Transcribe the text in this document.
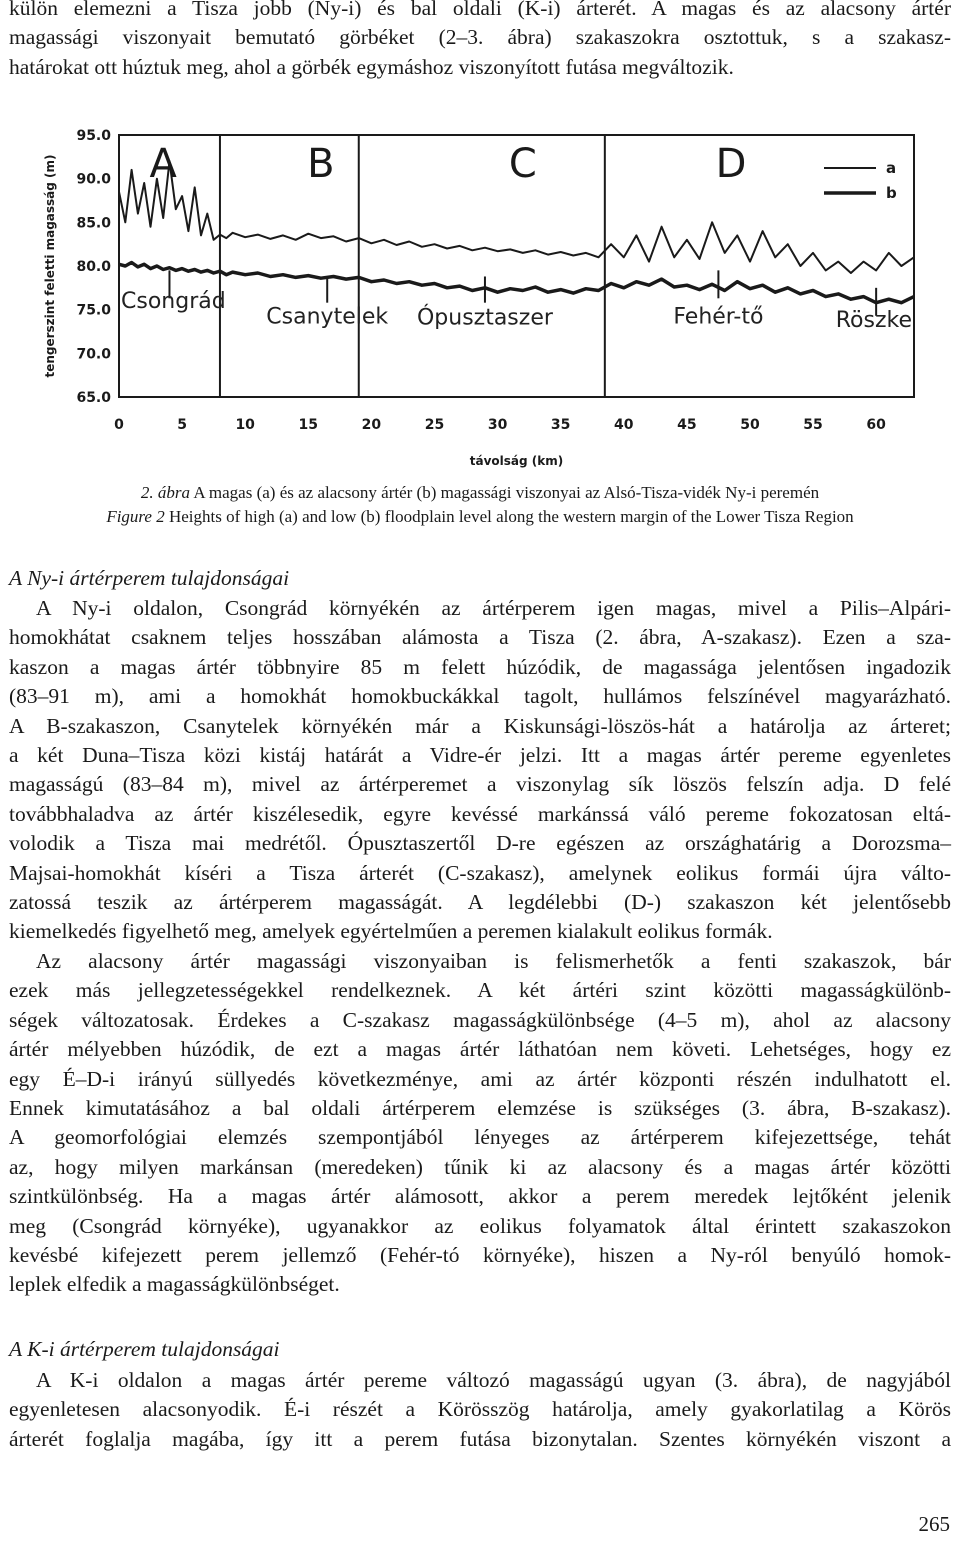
külön elemezni a Tisza jobb (Ny-i) és bal oldali (K-i) árterét. A magas és az alacsony ártér
magassági viszonyait bemutató görbéket (2–3. ábra) szakaszokra osztottuk, s a szakasz-
határokat ott húztuk meg, ahol a görbék egymáshoz viszonyított futása megváltozik.
A	B	C	D
95.0
90.0
85.0
80.0
75.0
70.0
65.0
0	5	10	15	20	25	30	35	40	45	50	55	60
távolság (km)
tengerszint feletti magasság (m)	Csongrád
Csanytelek Ópusztaszer	Fehér-tő	Röszke
a
b
2. ábra A magas (a) és az alacsony ártér (b) magassági viszonyai az Alsó-Tisza-vidék Ny-i peremén
Figure 2 Heights of high (a) and low (b) floodplain level along the western margin of the Lower Tisza Region
A Ny-i ártérperem tulajdonságai
A Ny-i oldalon, Csongrád környékén az ártérperem igen magas, mivel a Pilis–Alpári-
homokhátat csaknem teljes hosszában alámosta a Tisza (2. ábra, A-szakasz). Ezen a sza-
kaszon a magas ártér többnyire 85 m felett húzódik, de magassága jelentősen ingadozik
(83–91 m), ami a homokhát homokbuckákkal tagolt, hullámos felszínével magyarázható.
A B-szakaszon, Csanytelek környékén már a Kiskunsági-löszös-hát a határolja az árteret;
a két Duna–Tisza közi kistáj határát a Vidre-ér jelzi. Itt a magas ártér pereme egyenletes
magasságú (83–84 m), mivel az ártérperemet a viszonylag sík löszös felszín adja. D felé
továbbhaladva az ártér kiszélesedik, egyre kevéssé markánssá váló pereme fokozatosan eltá-
volodik a Tisza mai medrétől. Ópusztaszertől D-re egészen az országhatárig a Dorozsma–
Majsai-homokhát kíséri a Tisza árterét (C-szakasz), amelynek eolikus formái újra válto-
zatossá teszik az ártérperem magasságát. A legdélebbi (D-) szakaszon két jelentősebb
kiemelkedés figyelhető meg, amelyek egyértelműen a peremen kialakult eolikus formák.
Az alacsony ártér magassági viszonyaiban is felismerhetők a fenti szakaszok, bár
ezek más jellegzetességekkel rendelkeznek. A két ártéri szint közötti magasságkülönb-
ségek változatosak. Érdekes a C-szakasz magasságkülönbsége (4–5 m), ahol az alacsony
ártér mélyebben húzódik, de ezt a magas ártér láthatóan nem követi. Lehetséges, hogy ez
egy É–D-i irányú süllyedés következménye, ami az ártér központi részén indulhatott el.
Ennek kimutatásához a bal oldali ártérperem elemzése is szükséges (3. ábra, B-szakasz).
A geomorfológiai elemzés szempontjából lényeges az ártérperem kifejezettsége, tehát
az, hogy milyen markánsan (meredeken) tűnik ki az alacsony és a magas ártér közötti
szintkülönbség. Ha a magas ártér alámosott, akkor a perem meredek lejtőként jelenik
meg (Csongrád környéke), ugyanakkor az eolikus folyamatok által érintett szakaszokon
kevésbé kifejezett perem jellemző (Fehér-tó környéke), hiszen a Ny-ról benyúló homok-
leplek elfedik a magasságkülönbséget.
A K-i ártérperem tulajdonságai
A K-i oldalon a magas ártér pereme változó magasságú ugyan (3. ábra), de nagyjából
egyenletesen alacsonyodik. É-i részét a Körösszög határolja, amely gyakorlatilag a Körös
árterét foglalja magába, így itt a perem futása bizonytalan. Szentes környékén viszont a
265
